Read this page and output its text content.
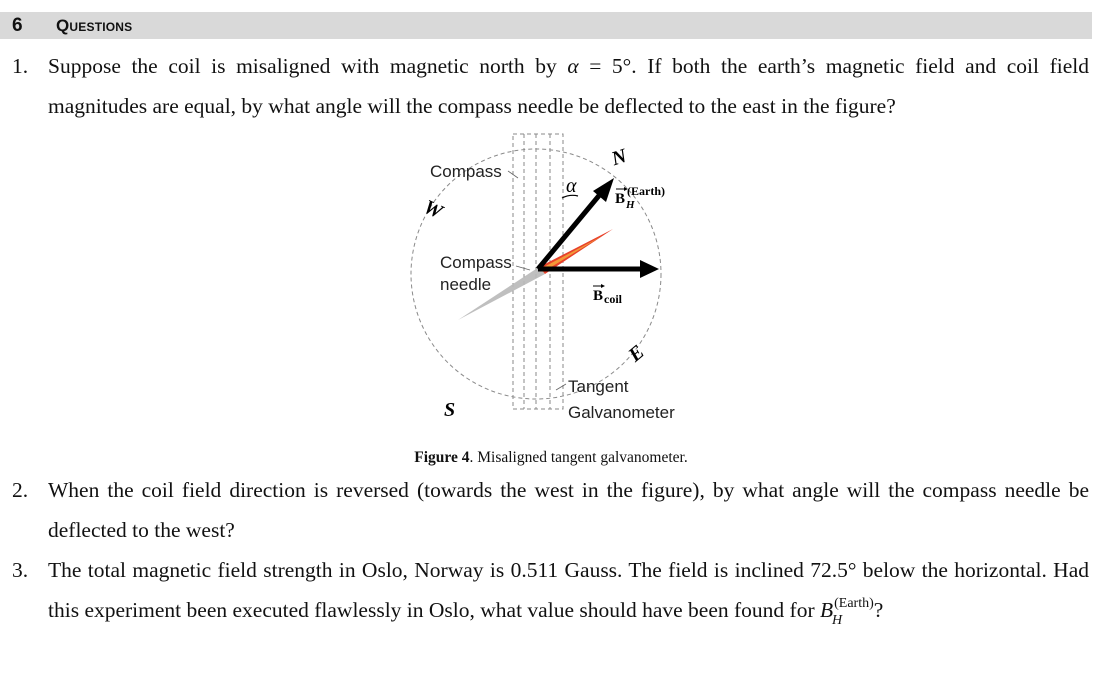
6 Questions
1. Suppose the coil is misaligned with magnetic north by α = 5°. If both the earth’s magnetic field and coil field magnitudes are equal, by what angle will the compass needle be deflected to the east in the figure?
Compass
Compass
needle
Tangent
Galvanometer
N
W
S
E
α
B (Earth)
H
B coil
Figure 4. Misaligned tangent galvanometer.
2. When the coil field direction is reversed (towards the west in the figure), by what angle will the compass needle be deflected to the west?
3. The total magnetic field strength in Oslo, Norway is 0.511 Gauss. The field is inclined 72.5° below the horizontal. Had this experiment been executed flawlessly in Oslo, what value should have been found for $B^{(Earth)}$
H ?
